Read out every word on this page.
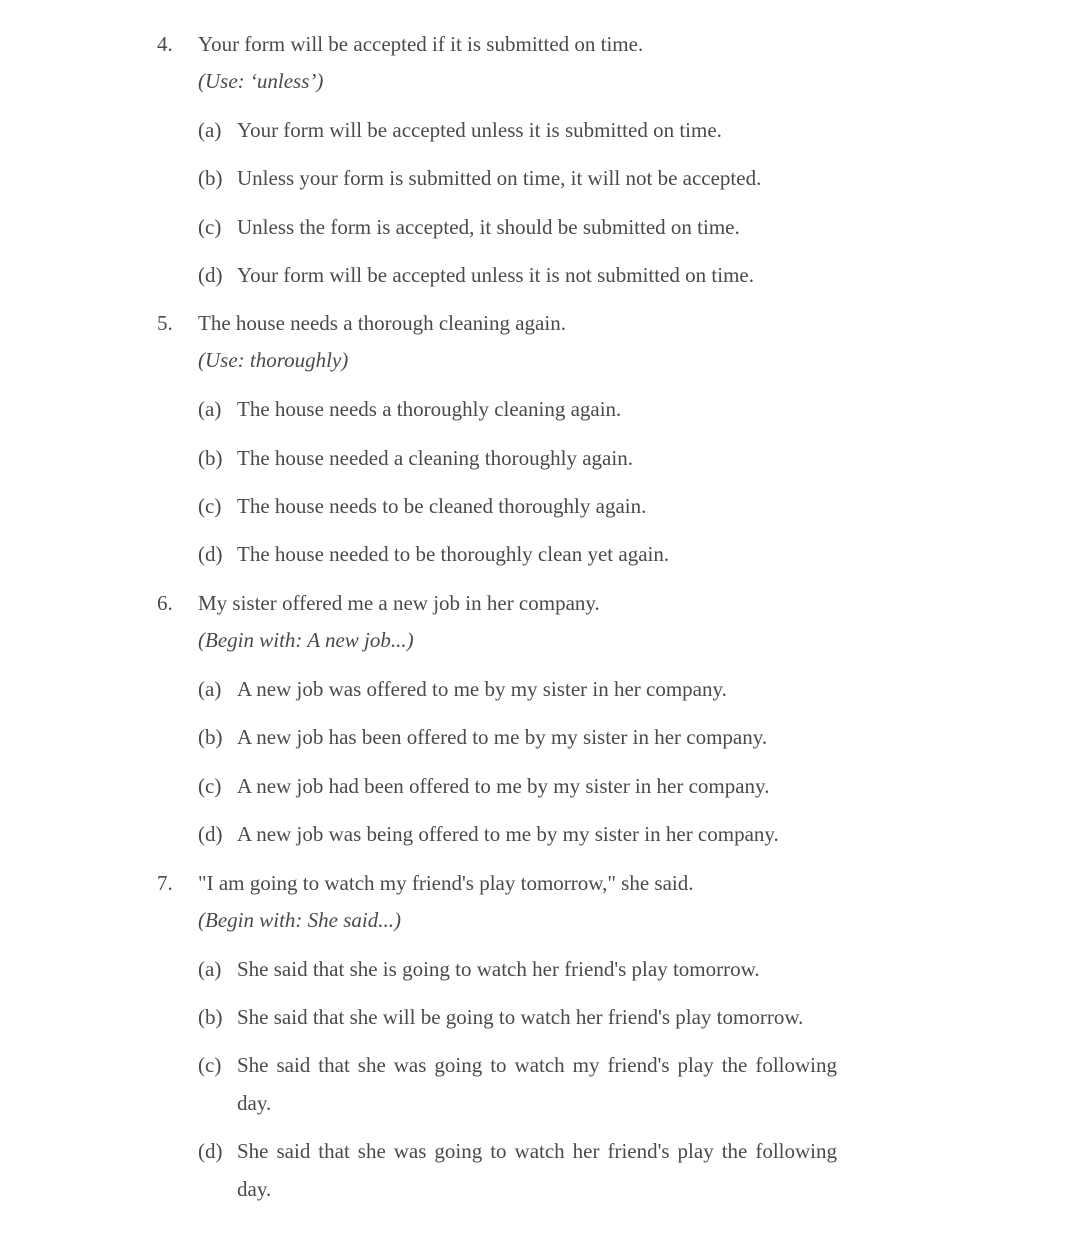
4. Your form will be accepted if it is submitted on time.
(Use: ‘unless’)
(a) Your form will be accepted unless it is submitted on time.
(b) Unless your form is submitted on time, it will not be accepted.
(c) Unless the form is accepted, it should be submitted on time.
(d) Your form will be accepted unless it is not submitted on time.
5. The house needs a thorough cleaning again.
(Use: thoroughly)
(a) The house needs a thoroughly cleaning again.
(b) The house needed a cleaning thoroughly again.
(c) The house needs to be cleaned thoroughly again.
(d) The house needed to be thoroughly clean yet again.
6. My sister offered me a new job in her company.
(Begin with: A new job...)
(a) A new job was offered to me by my sister in her company.
(b) A new job has been offered to me by my sister in her company.
(c) A new job had been offered to me by my sister in her company.
(d) A new job was being offered to me by my sister in her company.
7. "I am going to watch my friend's play tomorrow," she said.
(Begin with: She said...)
(a) She said that she is going to watch her friend's play tomorrow.
(b) She said that she will be going to watch her friend's play tomorrow.
(c) She said that she was going to watch my friend's play the following day.
(d) She said that she was going to watch her friend's play the following day.
